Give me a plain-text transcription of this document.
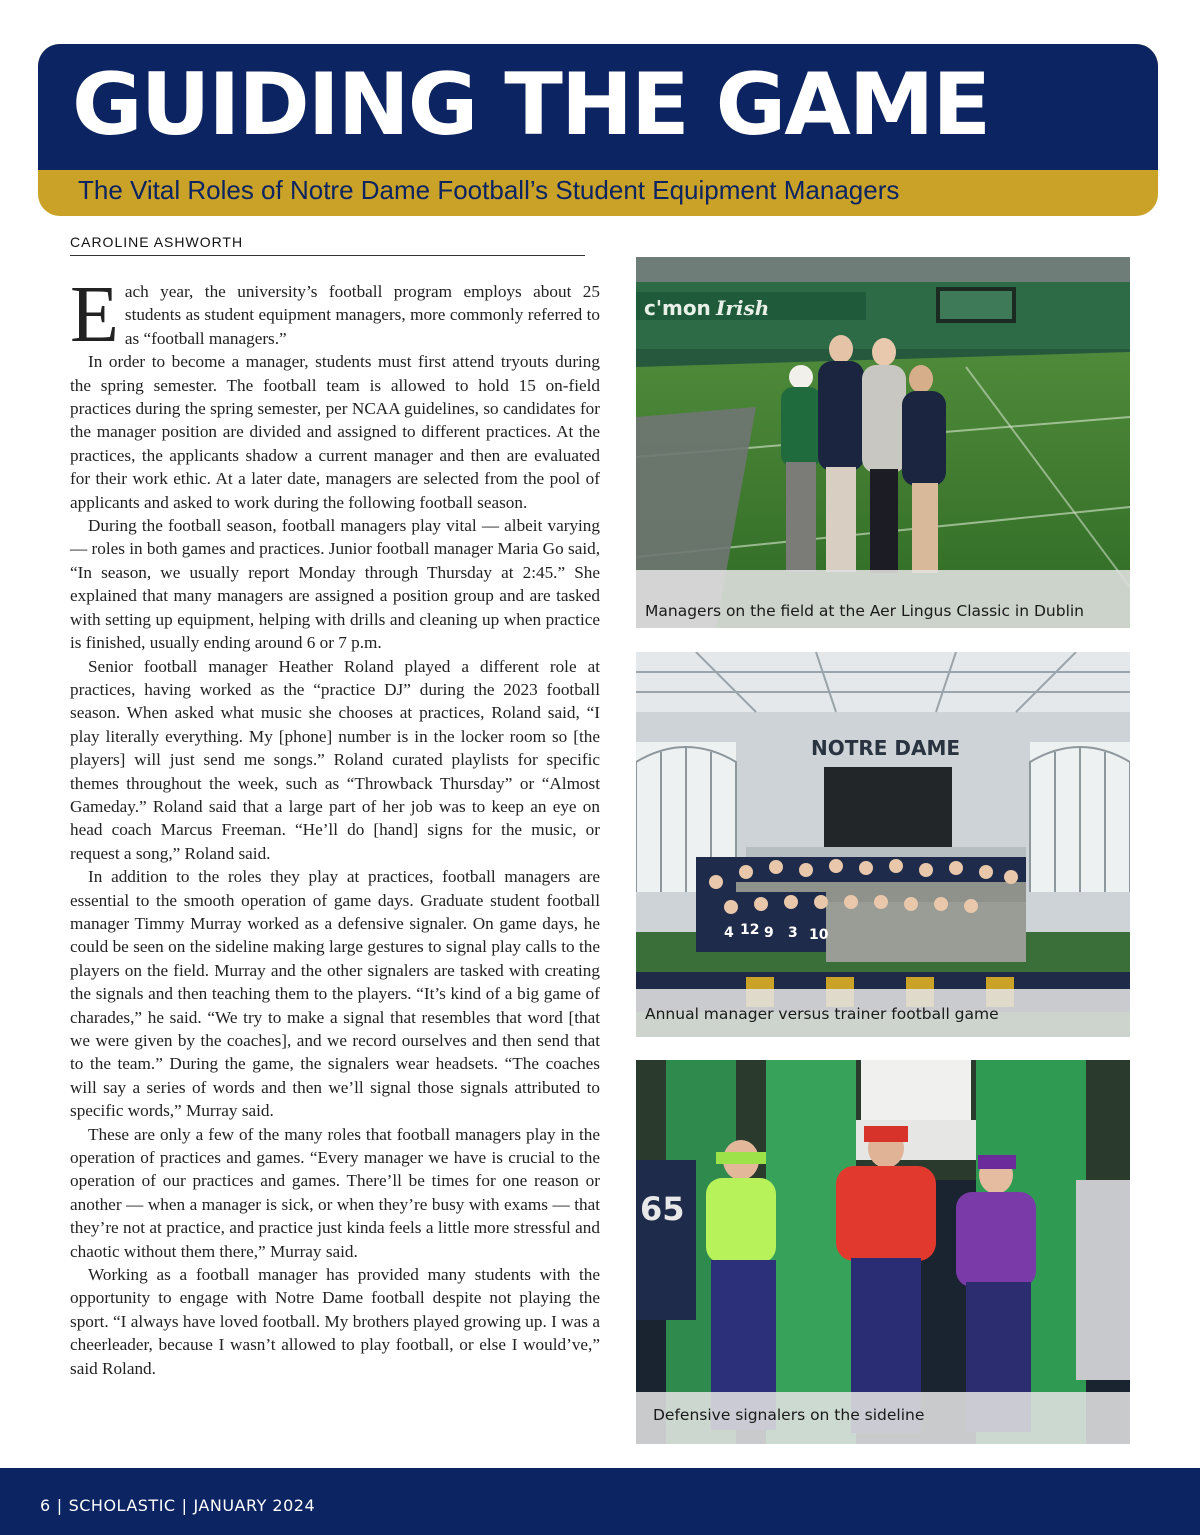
GUIDING THE GAME

The Vital Roles of Notre Dame Football’s Student Equipment Managers

CAROLINE ASHWORTH

Each year, the university’s football program employs about 25 students as student equipment managers, more commonly referred to as “football managers.”

In order to become a manager, students must first attend tryouts during the spring semester. The football team is allowed to hold 15 on-field practices during the spring semester, per NCAA guidelines, so candidates for the manager position are divided and assigned to different practices. At the practices, the applicants shadow a current manager and then are evaluated for their work ethic. At a later date, managers are selected from the pool of applicants and asked to work during the following football season.

During the football season, football managers play vital — albeit varying — roles in both games and practices. Junior football manager Maria Go said, “In season, we usually report Monday through Thursday at 2:45.” She explained that many managers are assigned a position group and are tasked with setting up equipment, helping with drills and cleaning up when practice is finished, usually ending around 6 or 7 p.m.

Senior football manager Heather Roland played a different role at practices, having worked as the “practice DJ” during the 2023 football season. When asked what music she chooses at practices, Roland said, “I play literally everything. My [phone] number is in the locker room so [the players] will just send me songs.” Roland curated playlists for specific themes throughout the week, such as “Throwback Thursday” or “Almost Gameday.” Roland said that a large part of her job was to keep an eye on head coach Marcus Freeman. “He’ll do [hand] signs for the music, or request a song,” Roland said.

In addition to the roles they play at practices, football managers are essential to the smooth operation of game days. Graduate student football manager Timmy Murray worked as a defensive signaler. On game days, he could be seen on the sideline making large gestures to signal play calls to the players on the field. Murray and the other signalers are tasked with creating the signals and then teaching them to the players. “It’s kind of a big game of charades,” he said. “We try to make a signal that resembles that word [that we were given by the coaches], and we record ourselves and then send that to the team.” During the game, the signalers wear headsets. “The coaches will say a series of words and then we’ll signal those signals attributed to specific words,” Murray said.

These are only a few of the many roles that football managers play in the operation of practices and games. “Every manager we have is crucial to the operation of our practices and games. There’ll be times for one reason or another — when a manager is sick, or when they’re busy with exams — that they’re not at practice, and practice just kinda feels a little more stressful and chaotic without them there,” Murray said.

Working as a football manager has provided many students with the opportunity to engage with Notre Dame football despite not playing the sport. “I always have loved football. My brothers played growing up. I was a cheerleader, because I wasn’t allowed to play football, or else I would’ve,” said Roland.

c'mon Irish
Managers on the field at the Aer Lingus Classic in Dublin
NOTRE DAME
12 9 3 10
4
Annual manager versus trainer football game
65
Defensive signalers on the sideline

6 | SCHOLASTIC | JANUARY 2024
